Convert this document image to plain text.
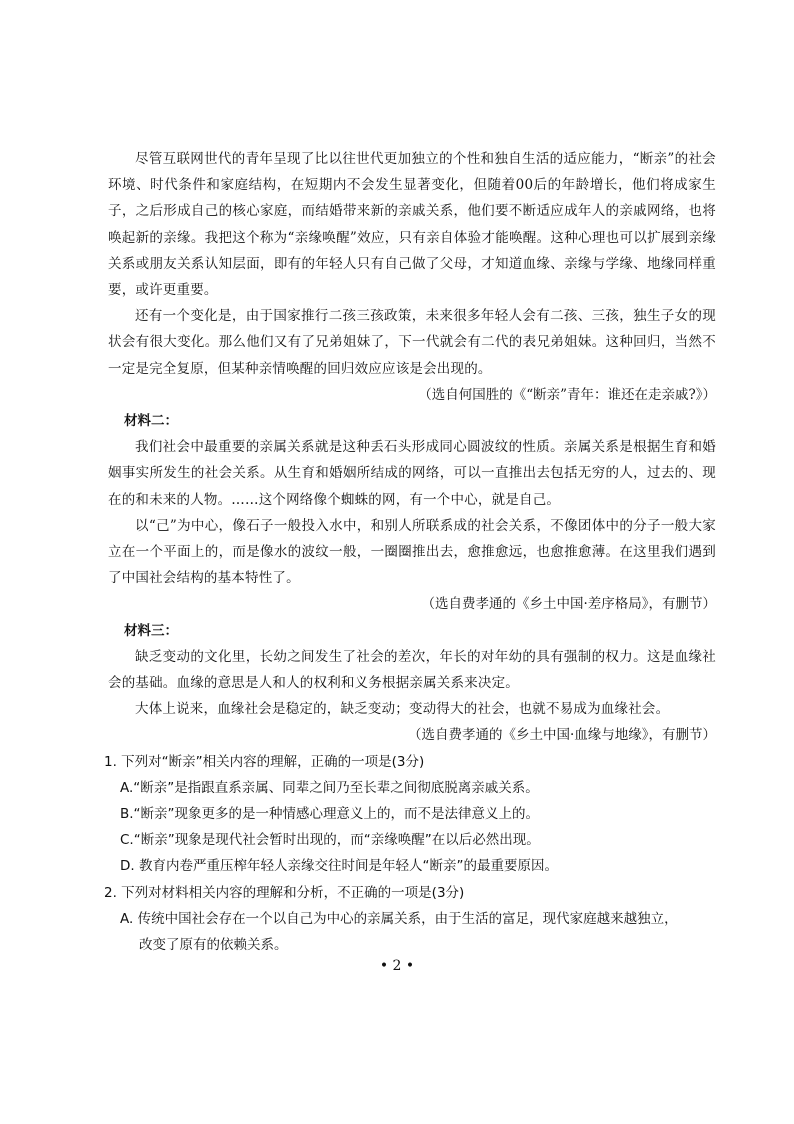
尽管互联网世代的青年呈现了比以往世代更加独立的个性和独自生活的适应能力，“断亲”的社会环境、时代条件和家庭结构，在短期内不会发生显著变化，但随着00后的年龄增长，他们将成家生子，之后形成自己的核心家庭，而结婚带来新的亲戚关系，他们要不断适应成年人的亲戚网络，也将唤起新的亲缘。我把这个称为“亲缘唤醒”效应，只有亲自体验才能唤醒。这种心理也可以扩展到亲缘关系或朋友关系认知层面，即有的年轻人只有自己做了父母，才知道血缘、亲缘与学缘、地缘同样重要，或许更重要。

还有一个变化是，由于国家推行二孩三孩政策，未来很多年轻人会有二孩、三孩，独生子女的现状会有很大变化。那么他们又有了兄弟姐妹了，下一代就会有二代的表兄弟姐妹。这种回归，当然不一定是完全复原，但某种亲情唤醒的回归效应应该是会出现的。

（选自何国胜的《“断亲”青年：谁还在走亲戚?》）

材料二：

我们社会中最重要的亲属关系就是这种丢石头形成同心圆波纹的性质。亲属关系是根据生育和婚姻事实所发生的社会关系。从生育和婚姻所结成的网络，可以一直推出去包括无穷的人，过去的、现在的和未来的人物。……这个网络像个蜘蛛的网，有一个中心，就是自己。

以“己”为中心，像石子一般投入水中，和别人所联系成的社会关系，不像团体中的分子一般大家立在一个平面上的，而是像水的波纹一般，一圈圈推出去，愈推愈远，也愈推愈薄。在这里我们遇到了中国社会结构的基本特性了。

（选自费孝通的《乡土中国·差序格局》，有删节）

材料三：

缺乏变动的文化里，长幼之间发生了社会的差次，年长的对年幼的具有强制的权力。这是血缘社会的基础。血缘的意思是人和人的权利和义务根据亲属关系来决定。

大体上说来，血缘社会是稳定的，缺乏变动；变动得大的社会，也就不易成为血缘社会。

（选自费孝通的《乡土中国·血缘与地缘》，有删节）

1. 下列对“断亲”相关内容的理解，正确的一项是(3分)

A.“断亲”是指跟直系亲属、同辈之间乃至长辈之间彻底脱离亲戚关系。

B.“断亲”现象更多的是一种情感心理意义上的，而不是法律意义上的。

C.“断亲”现象是现代社会暂时出现的，而“亲缘唤醒”在以后必然出现。

D. 教育内卷严重压榨年轻人亲缘交往时间是年轻人“断亲”的最重要原因。

2. 下列对材料相关内容的理解和分析，不正确的一项是(3分)

A. 传统中国社会存在一个以自己为中心的亲属关系，由于生活的富足，现代家庭越来越独立，

改变了原有的依赖关系。

• 2 •
